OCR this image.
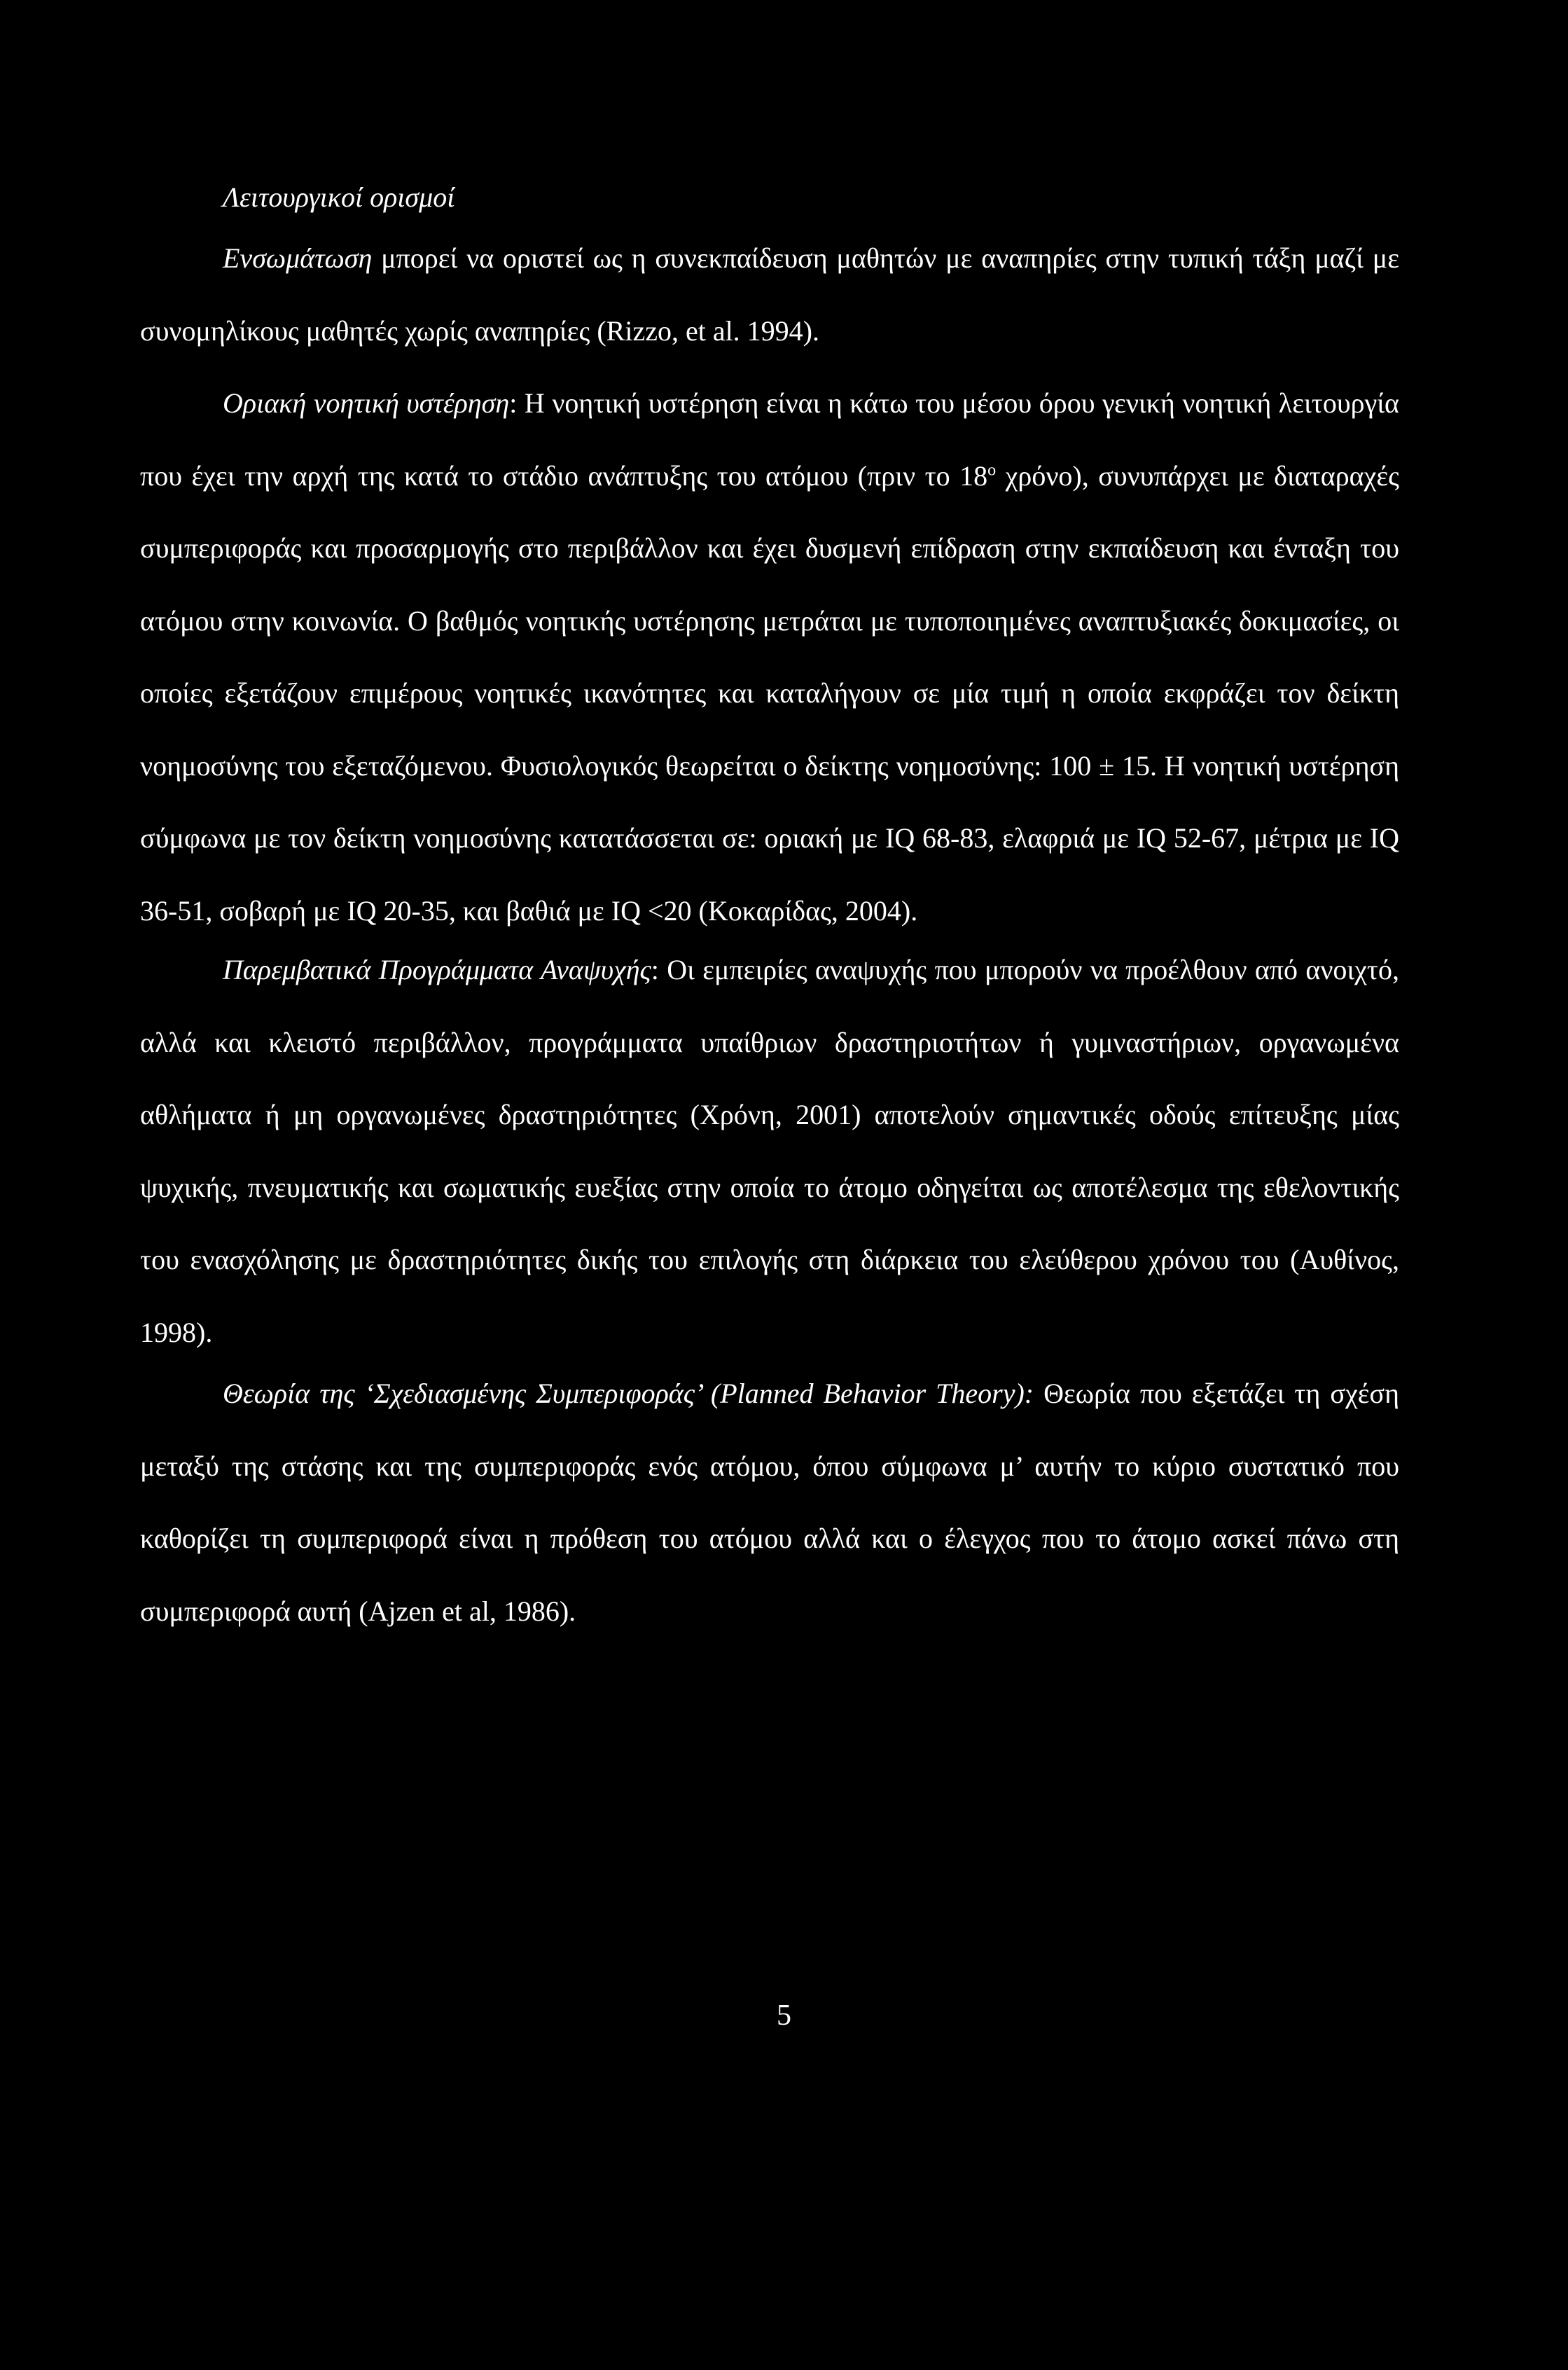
Λειτουργικοί ορισμοί

Ενσωμάτωση μπορεί να οριστεί ως η συνεκπαίδευση μαθητών με αναπηρίες στην τυπική τάξη μαζί με συνομηλίκους μαθητές χωρίς αναπηρίες (Rizzo, et al. 1994).

Οριακή νοητική υστέρηση: Η νοητική υστέρηση είναι η κάτω του μέσου όρου γενική νοητική λειτουργία που έχει την αρχή της κατά το στάδιο ανάπτυξης του ατόμου (πριν το $18^o$ χρόνο), συνυπάρχει με διαταραχές συμπεριφοράς και προσαρμογής στο περιβάλλον και έχει δυσμενή επίδραση στην εκπαίδευση και ένταξη του ατόμου στην κοινωνία. Ο βαθμός νοητικής υστέρησης μετράται με τυποποιημένες αναπτυξιακές δοκιμασίες, οι οποίες εξετάζουν επιμέρους νοητικές ικανότητες και καταλήγουν σε μία τιμή η οποία εκφράζει τον δείκτη νοημοσύνης του εξεταζόμενου. Φυσιολογικός θεωρείται ο δείκτης νοημοσύνης: 100 ± 15. Η νοητική υστέρηση σύμφωνα με τον δείκτη νοημοσύνης κατατάσσεται σε: οριακή με IQ 68-83, ελαφριά με IQ 52-67, μέτρια με IQ 36-51, σοβαρή με IQ 20-35, και βαθιά με IQ <20 (Κοκαρίδας, 2004).

Παρεμβατικά Προγράμματα Αναψυχής: Οι εμπειρίες αναψυχής που μπορούν να προέλθουν από ανοιχτό, αλλά και κλειστό περιβάλλον, προγράμματα υπαίθριων δραστηριοτήτων ή γυμναστήριων, οργανωμένα αθλήματα ή μη οργανωμένες δραστηριότητες (Χρόνη, 2001) αποτελούν σημαντικές οδούς επίτευξης μίας ψυχικής, πνευματικής και σωματικής ευεξίας στην οποία το άτομο οδηγείται ως αποτέλεσμα της εθελοντικής του ενασχόλησης με δραστηριότητες δικής του επιλογής στη διάρκεια του ελεύθερου χρόνου του (Αυθίνος, 1998).

Θεωρία της ‘Σχεδιασμένης Συμπεριφοράς’ (Planned Behavior Theory): Θεωρία που εξετάζει τη σχέση μεταξύ της στάσης και της συμπεριφοράς ενός ατόμου, όπου σύμφωνα μ’ αυτήν το κύριο συστατικό που καθορίζει τη συμπεριφορά είναι η πρόθεση του ατόμου αλλά και ο έλεγχος που το άτομο ασκεί πάνω στη συμπεριφορά αυτή (Ajzen et al, 1986).

5
